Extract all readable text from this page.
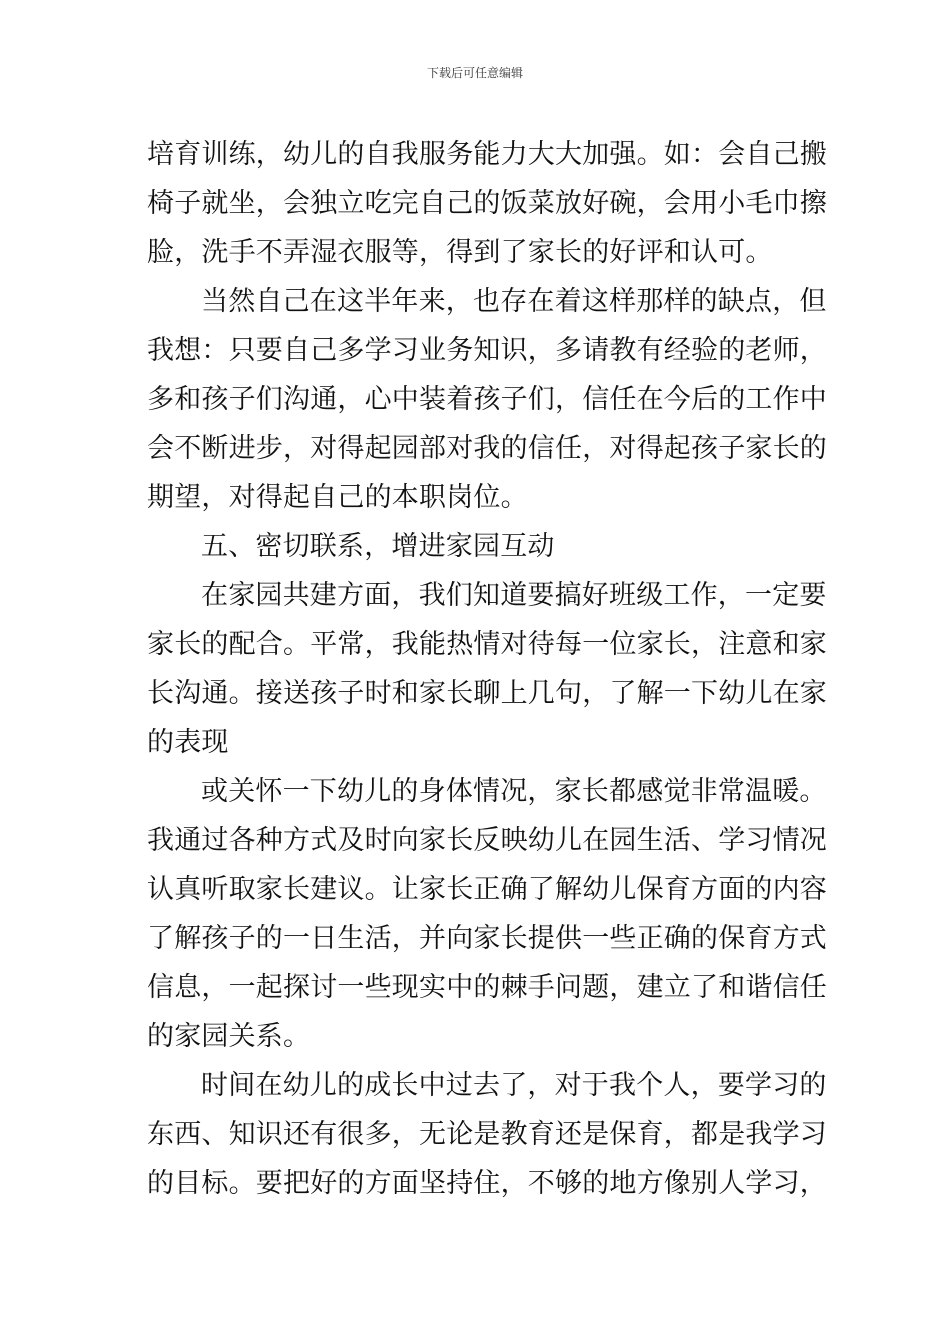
下载后可任意编辑
培育训练，幼儿的自我服务能力大大加强。如：会自己搬
椅子就坐，会独立吃完自己的饭菜放好碗，会用小毛巾擦
脸，洗手不弄湿衣服等，得到了家长的好评和认可。
当然自己在这半年来，也存在着这样那样的缺点，但
我想：只要自己多学习业务知识，多请教有经验的老师，
多和孩子们沟通，心中装着孩子们，信任在今后的工作中
会不断进步，对得起园部对我的信任，对得起孩子家长的
期望，对得起自己的本职岗位。
五、密切联系，增进家园互动
在家园共建方面，我们知道要搞好班级工作，一定要
家长的配合。平常，我能热情对待每一位家长，注意和家
长沟通。接送孩子时和家长聊上几句，了解一下幼儿在家
的表现
或关怀一下幼儿的身体情况，家长都感觉非常温暖。
我通过各种方式及时向家长反映幼儿在园生活、学习情况
认真听取家长建议。让家长正确了解幼儿保育方面的内容
了解孩子的一日生活，并向家长提供一些正确的保育方式
信息，一起探讨一些现实中的棘手问题，建立了和谐信任
的家园关系。
时间在幼儿的成长中过去了，对于我个人，要学习的
东西、知识还有很多，无论是教育还是保育，都是我学习
的目标。要把好的方面坚持住，不够的地方像别人学习，
